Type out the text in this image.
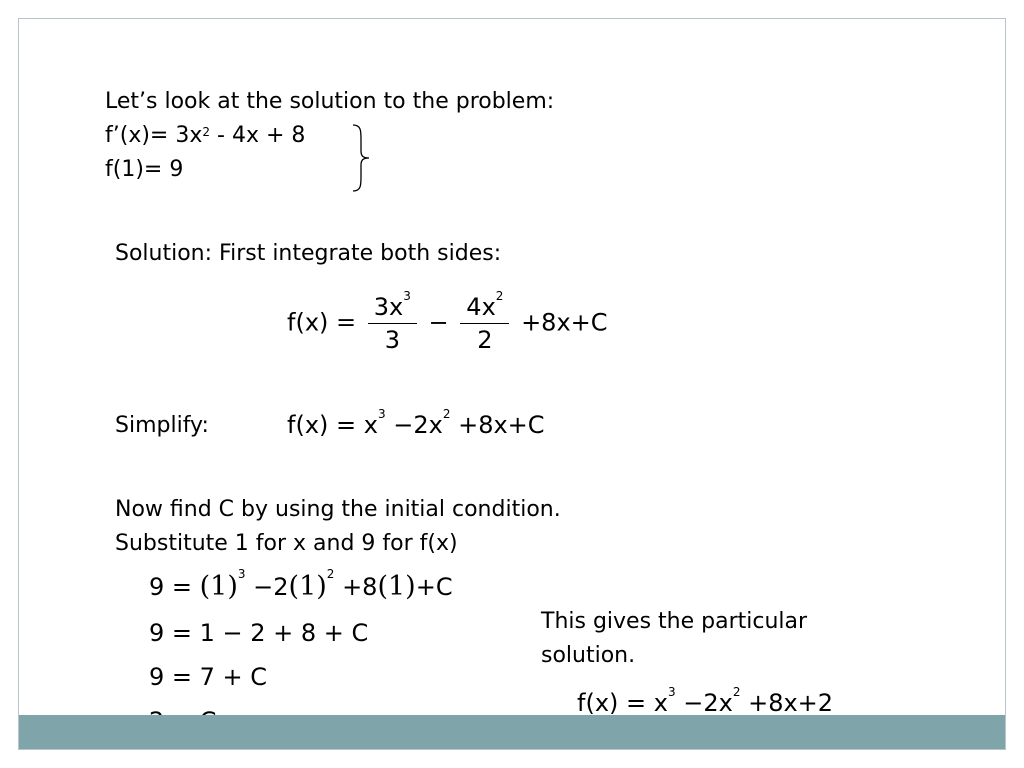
Let’s look at the solution to the problem:
f’(x)= $3x^2 - 4x + 8$
f(1)= 9
Solution: First integrate both sides:
$f(x) = \frac{3x^3}{3} - \frac{4x^2}{2} +8x+C$
Simplify:	$f(x) = x^3 -2x^2 +8x+C$
Now find C by using the initial condition.
Substitute 1 for x and 9 for f(x)
$9 = (1)^3 -2(1)^2 +8(1)+C$
9 = 1 − 2 + 8 + C
9 = 7 + C
This gives the particular
solution.
$f(x) = x^3 -2x^2 +8x+2$
